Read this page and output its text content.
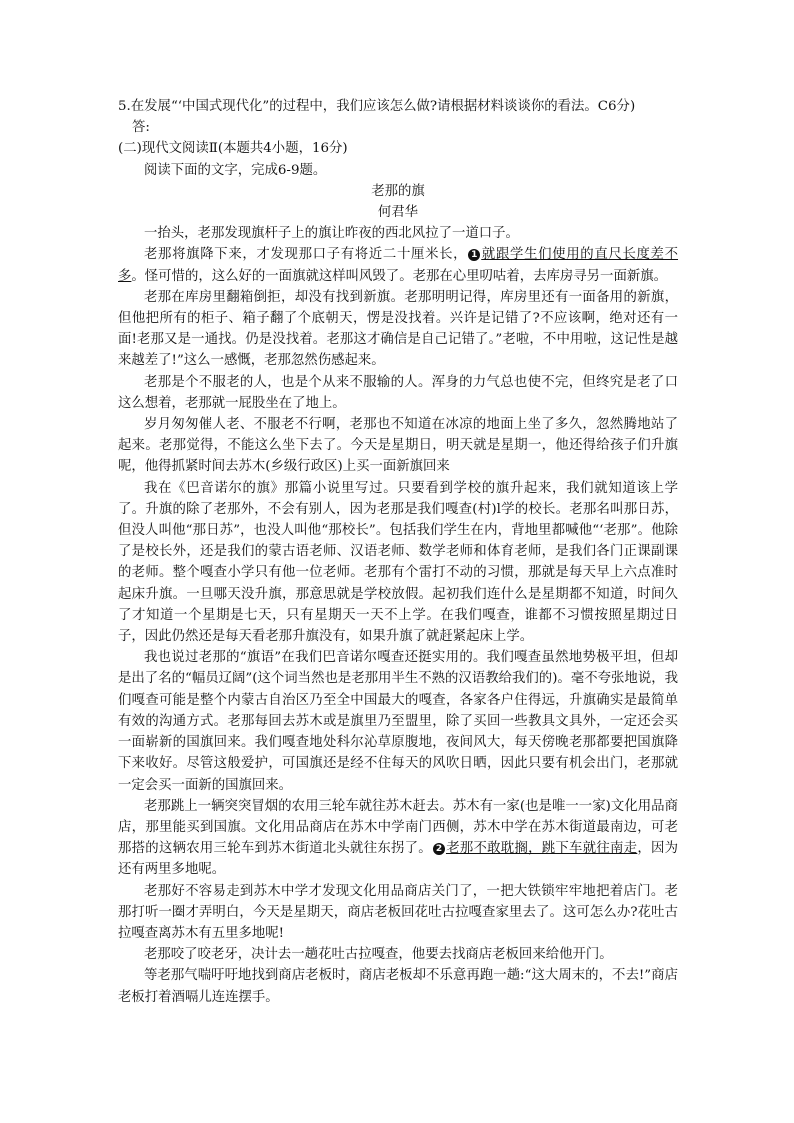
5.在发展“‘中国式现代化”的过程中，我们应该怎么做?请根据材料谈谈你的看法。C6分)

答:

(二)现代文阅读Ⅱ(本题共4小题，16分)

阅读下面的文字，完成6-9题。

老那的旗

何君华

一抬头，老那发现旗杆子上的旗让昨夜的西北风拉了一道口子。

老那将旗降下来，才发现那口子有将近二十厘米长， 1 就跟学生们使用的直尺长度差不多。怪可惜的，这么好的一面旗就这样叫风毁了。老那在心里叨咕着，去库房寻另一面新旗。

老那在库房里翻箱倒拒，却没有找到新旗。老那明明记得，库房里还有一面备用的新旗，但他把所有的柜子、箱子翻了个底朝天，愣是没找着。兴许是记错了?不应该啊，绝对还有一面!老那又是一通找。仍是没找着。老那这才确信是自己记错了。”老啦，不中用啦，这记性是越来越差了!”这么一感慨，老那忽然伤感起来。

老那是个不服老的人，也是个从来不服输的人。浑身的力气总也使不完，但终究是老了口这么想着，老那就一屁股坐在了地上。

岁月匆匆催人老、不服老不行啊，老那也不知道在冰凉的地面上坐了多久，忽然腾地站了起来。老那觉得，不能这么坐下去了。今天是星期日，明天就是星期一，他还得给孩子们升旗呢，他得抓紧时间去苏木(乡级行政区)上买一面新旗回来

我在《巴音诺尔的旗》那篇小说里写过。只要看到学校的旗升起来，我们就知道该上学了。升旗的除了老那外，不会有别人，因为老那是我们嘎查(村)l学的校长。老那名叫那日苏，但没人叫他“那日苏”，也没人叫他“那校长”。包括我们学生在内，背地里都喊他“‘老那”。他除了是校长外，还是我们的蒙古语老师、汉语老师、数学老师和体育老师，是我们各门正课副课的老师。整个嘎查小学只有他一位老师。老那有个雷打不动的习惯，那就是每天早上六点准时起床升旗。一旦哪天没升旗，那意思就是学校放假。起初我们连什么是星期都不知道，时间久了才知道一个星期是七天，只有星期天一天不上学。在我们嘎查，谁都不习惯按照星期过日子，因此仍然还是每天看老那升旗没有，如果升旗了就赶紧起床上学。

我也说过老那的“旗语”在我们巴音诺尔嘎查还挺实用的。我们嘎查虽然地势极平坦，但却是出了名的“幅员辽阔”(这个词当然也是老那用半生不熟的汉语教给我们的)。毫不夸张地说，我们嘎查可能是整个内蒙古自治区乃至全中国最大的嘎查，各家各户住得远，升旗确实是最简单有效的沟通方式。老那每回去苏木或是旗里乃至盟里，除了买回一些教具文具外，一定还会买一面崭新的国旗回来。我们嘎查地处科尔沁草原腹地，夜间风大，每天傍晚老那都要把国旗降下来收好。尽管这般爱护，可国旗还是经不住每天的风吹日晒，因此只要有机会出门，老那就一定会买一面新的国旗回来。

老那跳上一辆突突冒烟的农用三轮车就往苏木赶去。苏木有一家(也是唯一一家)文化用品商店，那里能买到国旗。文化用品商店在苏木中学南门西侧，苏木中学在苏木街道最南边，可老那搭的这辆农用三轮车到苏木街道北头就往东拐了。 2 老那不敢耽搁，跳下车就往南走，因为还有两里多地呢。

老那好不容易走到苏木中学才发现文化用品商店关门了，一把大铁锁牢牢地把着店门。老那打听一圈才弄明白，今天是星期天，商店老板回花吐古拉嘎查家里去了。这可怎么办?花吐古拉嘎查离苏木有五里多地呢!

老那咬了咬老牙，决计去一趟花吐古拉嘎查，他要去找商店老板回来给他开门。

等老那气喘吁吁地找到商店老板时，商店老板却不乐意再跑一趟:“这大周末的，不去!”商店老板打着酒嗝儿连连摆手。
